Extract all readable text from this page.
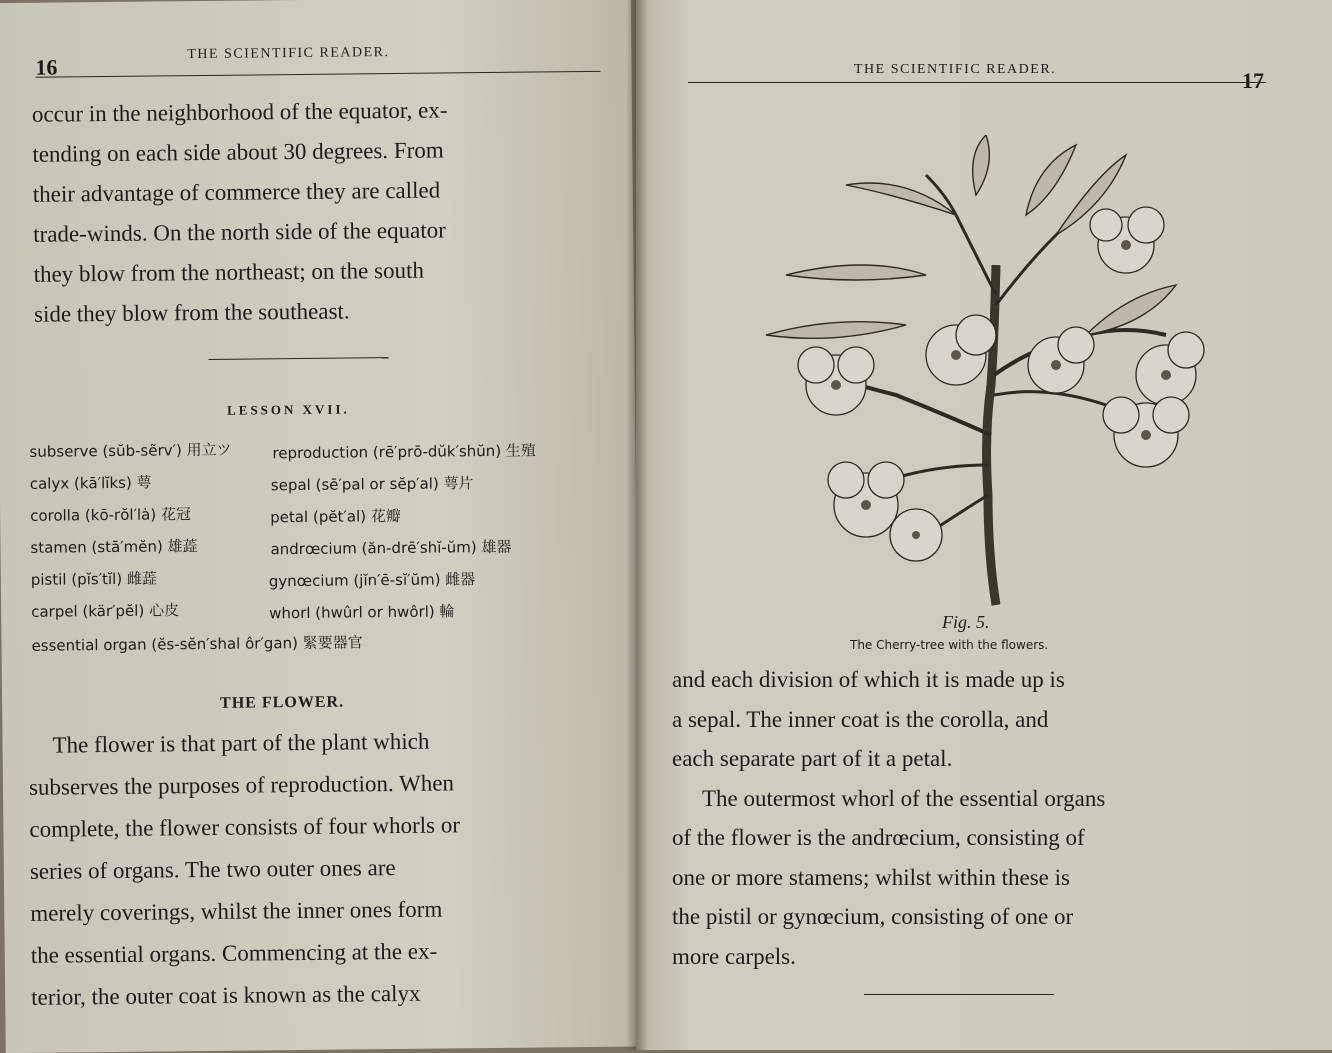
16
THE SCIENTIFIC READER.

occur in the neighborhood of the equator, ex-

tending on each side about 30 degrees. From

their advantage of commerce they are called

trade-winds. On the north side of the equator

they blow from the northeast; on the south

side they blow from the southeast.

LESSON XVII.
subserve (sŭb-sẽrv′) 用立ツ	reproduction (rē′prō-dŭk′shŭn) 生殖
calyx (kā′lĭks) 萼	sepal (sē′pal or sĕp′al) 萼片
corolla (kō-rŏl′lȧ) 花冠	petal (pĕt′al) 花瓣
stamen (stā′mĕn) 雄蕋	andrœcium (ăn-drē′shĭ-ŭm) 雄器
pistil (pĭs′tĭl) 雌蕋	gynœcium (jĭn′ē-sĭ′ŭm) 雌器
carpel (kär′pĕl) 心皮	whorl (hwûrl or hwôrl) 輪
essential organ (ĕs-sĕn′shal ôr′gan) 緊要器官
THE FLOWER.

The flower is that part of the plant which

subserves the purposes of reproduction. When

complete, the flower consists of four whorls or

series of organs. The two outer ones are

merely coverings, whilst the inner ones form

the essential organs. Commencing at the ex-

terior, the outer coat is known as the calyx

THE SCIENTIFIC READER.	17
Fig. 5.
The Cherry-tree with the flowers.

and each division of which it is made up is

a sepal. The inner coat is the corolla, and

each separate part of it a petal.

The outermost whorl of the essential organs

of the flower is the andrœcium, consisting of

one or more stamens; whilst within these is

the pistil or gynœcium, consisting of one or

more carpels.
